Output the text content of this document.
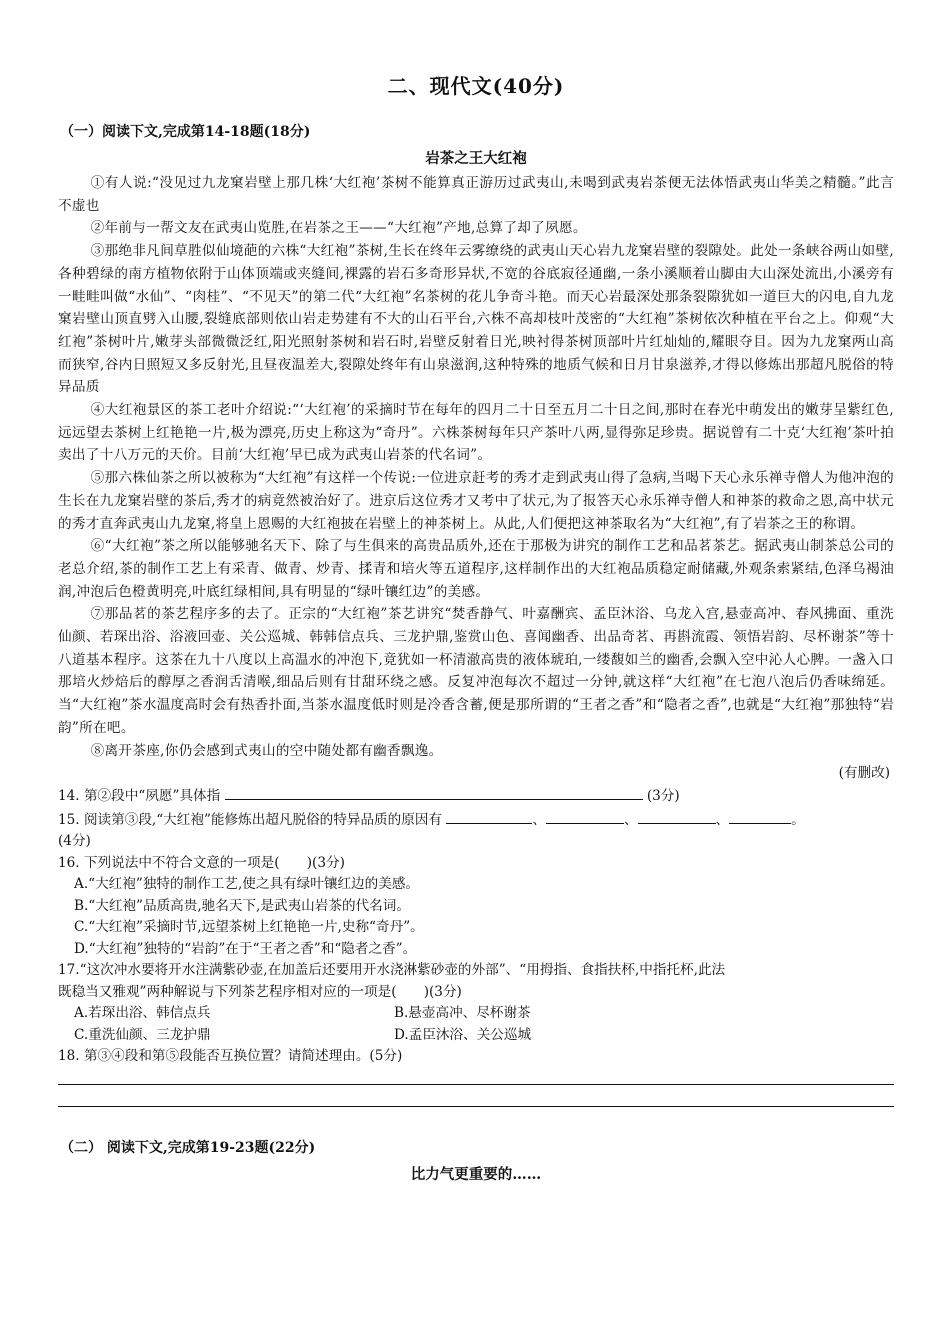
二、现代文(40分)
（一）阅读下文,完成第14-18题(18分)
岩茶之王大红袍

①有人说:“没见过九龙窠岩壁上那几株‘大红袍’茶树不能算真正游历过武夷山,未喝到武夷岩茶便无法体悟武夷山华美之精髓。”此言不虚也

②年前与一帮文友在武夷山览胜,在岩茶之王——“大红袍”产地,总算了却了夙愿。

③那绝非凡间草胜似仙境葩的六株“大红袍”茶树,生长在终年云雾缭绕的武夷山天心岩九龙窠岩壁的裂隙处。此处一条峡谷两山如壁,各种碧绿的南方植物依附于山体顶端或夹缝间,裸露的岩石多奇形异状,不宽的谷底寂径通幽,一条小溪顺着山脚由大山深处流出,小溪旁有一畦畦叫做“水仙”、“肉桂”、“不见天”的第二代“大红袍”名茶树的花儿争奇斗艳。而天心岩最深处那条裂隙犹如一道巨大的闪电,自九龙窠岩壁山顶直劈入山腰,裂缝底部则依山岩走势建有不大的山石平台,六株不高却枝叶茂密的“大红袍”茶树依次种植在平台之上。仰观“大红袍”茶树叶片,嫩芽头部微微泛红,阳光照射茶树和岩石时,岩壁反射着日光,映衬得茶树顶部叶片红灿灿的,耀眼夺目。因为九龙窠两山高而狭窄,谷内日照短又多反射光,且昼夜温差大,裂隙处终年有山泉滋润,这种特殊的地质气候和日月甘泉滋养,才得以修炼出那超凡脱俗的特异品质

④大红袍景区的茶工老叶介绍说:“‘大红袍’的采摘时节在每年的四月二十日至五月二十日之间,那时在春光中萌发出的嫩芽呈紫红色,远远望去茶树上红艳艳一片,极为漂亮,历史上称这为“奇丹”。六株茶树每年只产茶叶八两,显得弥足珍贵。据说曾有二十克‘大红袍’茶叶拍卖出了十八万元的天价。目前‘大红袍’早已成为武夷山岩茶的代名词”。

⑤那六株仙茶之所以被称为“大红袍”有这样一个传说:一位进京赶考的秀才走到武夷山得了急病,当喝下天心永乐禅寺僧人为他冲泡的生长在九龙窠岩壁的茶后,秀才的病竟然被治好了。进京后这位秀才又考中了状元,为了报答天心永乐禅寺僧人和神茶的救命之恩,高中状元的秀才直奔武夷山九龙窠,将皇上恩赐的大红袍披在岩壁上的神茶树上。从此,人们便把这神茶取名为“大红袍”,有了岩茶之王的称谓。

⑥“大红袍”茶之所以能够驰名天下、除了与生俱来的高贵品质外,还在于那极为讲究的制作工艺和品茗茶艺。据武夷山制茶总公司的老总介绍,茶的制作工艺上有采青、做青、炒青、揉青和培火等五道程序,这样制作出的大红袍品质稳定耐储藏,外观条索紧结,色泽乌褐油润,冲泡后色橙黄明亮,叶底红绿相间,具有明显的“绿叶镶红边”的美感。

⑦那品茗的茶艺程序多的去了。正宗的“大红袍”茶艺讲究“焚香静气、叶嘉酬宾、孟臣沐浴、乌龙入宫,悬壶高冲、春风拂面、重洗仙颜、若琛出浴、浴液回壶、关公巡城、韩韩信点兵、三龙护鼎,鉴赏山色、喜闻幽香、出品奇茗、再斟流霞、领悟岩韵、尽杯谢茶”等十八道基本程序。这茶在九十八度以上高温水的冲泡下,竟犹如一杯清澈高贵的液体琥珀,一缕馥如兰的幽香,会飘入空中沁人心脾。一盏入口那培火炒焙后的醇厚之香润舌清喉,细品后则有甘甜环绕之感。反复冲泡每次不超过一分钟,就这样“大红袍”在七泡八泡后仍香味绵延。当“大红袍”茶水温度高时会有热香扑面,当茶水温度低时则是冷香含蓄,便是那所谓的“王者之香”和“隐者之香”,也就是“大红袍”那独特“岩韵”所在吧。

⑧离开茶座,你仍会感到式夷山的空中随处都有幽香飘逸。

(有删改)
14. 第②段中“夙愿”具体指	(3分)
15. 阅读第③段,“大红袍”能修炼出超凡脱俗的特异品质的原因有	、	、	、	。
(4分)
16. 下列说法中不符合文意的一项是(　　)(3分)
A.“大红袍”独特的制作工艺,使之具有绿叶镶红边的美感。
B.“大红袍”品质高贵,驰名天下,是武夷山岩茶的代名词。
C.“大红袍”采摘时节,远望茶树上红艳艳一片,史称“奇丹”。
D.“大红袍”独特的“岩韵”在于“王者之香”和“隐者之香”。
17.“这次冲水要将开水注满紫砂壶,在加盖后还要用开水浇淋紫砂壶的外部”、“用拇指、食指扶杯,中指托杯,此法
既稳当又雅观”两种解说与下列茶艺程序相对应的一项是(　　)(3分)
A.若琛出浴、韩信点兵	B.悬壶高冲、尽杯谢茶
C.重洗仙颜、三龙护鼎	D.孟臣沐浴、关公巡城
18. 第③④段和第⑤段能否互换位置？请简述理由。(5分)
（二） 阅读下文,完成第19-23题(22分)
比力气更重要的……
